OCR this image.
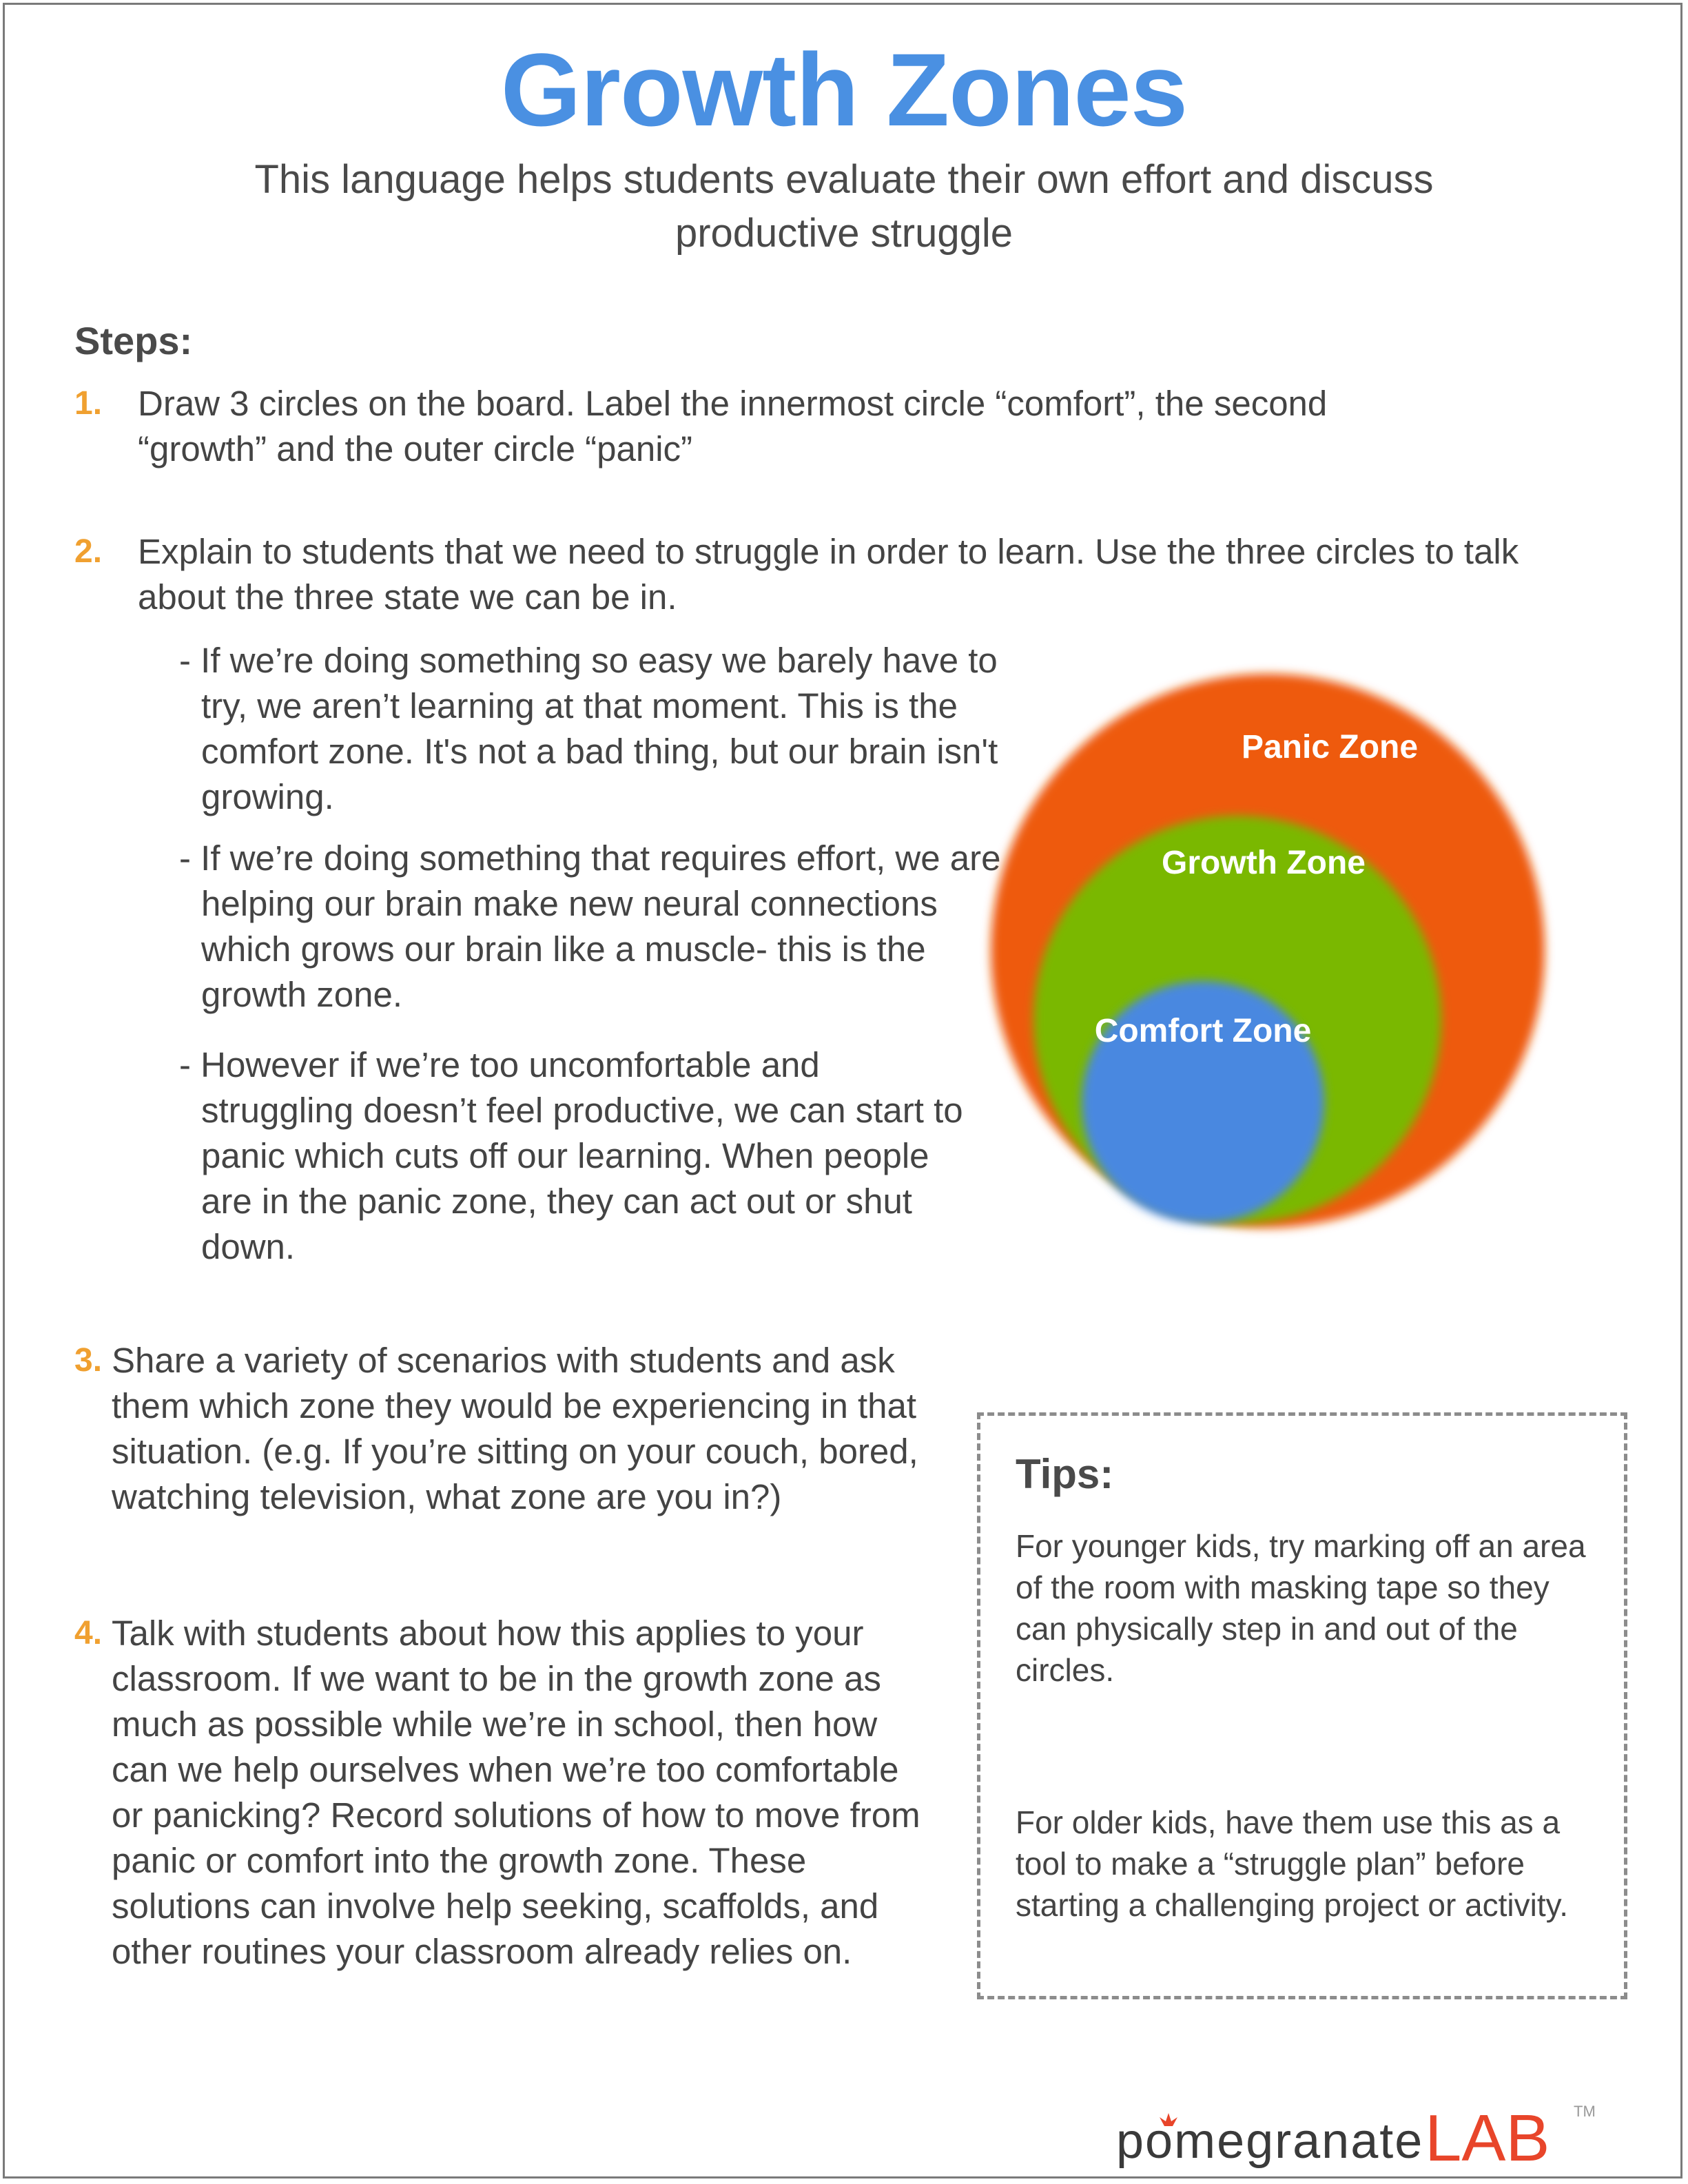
Growth Zones
This language helps students evaluate their own effort and discuss productive struggle
Steps:
1. Draw 3 circles on the board. Label the innermost circle “comfort”, the second “growth” and the outer circle “panic”
2. Explain to students that we need to struggle in order to learn. Use the three circles to talk about the three state we can be in.
- If we’re doing something so easy we barely have to try, we aren’t learning at that moment. This is the comfort zone. It's not a bad thing, but our brain isn't growing.
- If we’re doing something that requires effort, we are helping our brain make new neural connections which grows our brain like a muscle- this is the growth zone.
- However if we’re too uncomfortable and struggling doesn’t feel productive, we can start to panic which cuts off our learning. When people are in the panic zone, they can act out or shut down.
Panic Zone
Growth Zone
Comfort Zone
3. Share a variety of scenarios with students and ask them which zone they would be experiencing in that situation. (e.g. If you’re sitting on your couch, bored, watching television, what zone are you in?)
4. Talk with students about how this applies to your classroom. If we want to be in the growth zone as much as possible while we’re in school, then how can we help ourselves when we’re too comfortable or panicking? Record solutions of how to move from panic or comfort into the growth zone. These solutions can involve help seeking, scaffolds, and other routines your classroom already relies on.
Tips:
For younger kids, try marking off an area of the room with masking tape so they can physically step in and out of the circles.
For older kids, have them use this as a tool to make a “struggle plan” before starting a challenging project or activity.
pomegranate LAB TM
